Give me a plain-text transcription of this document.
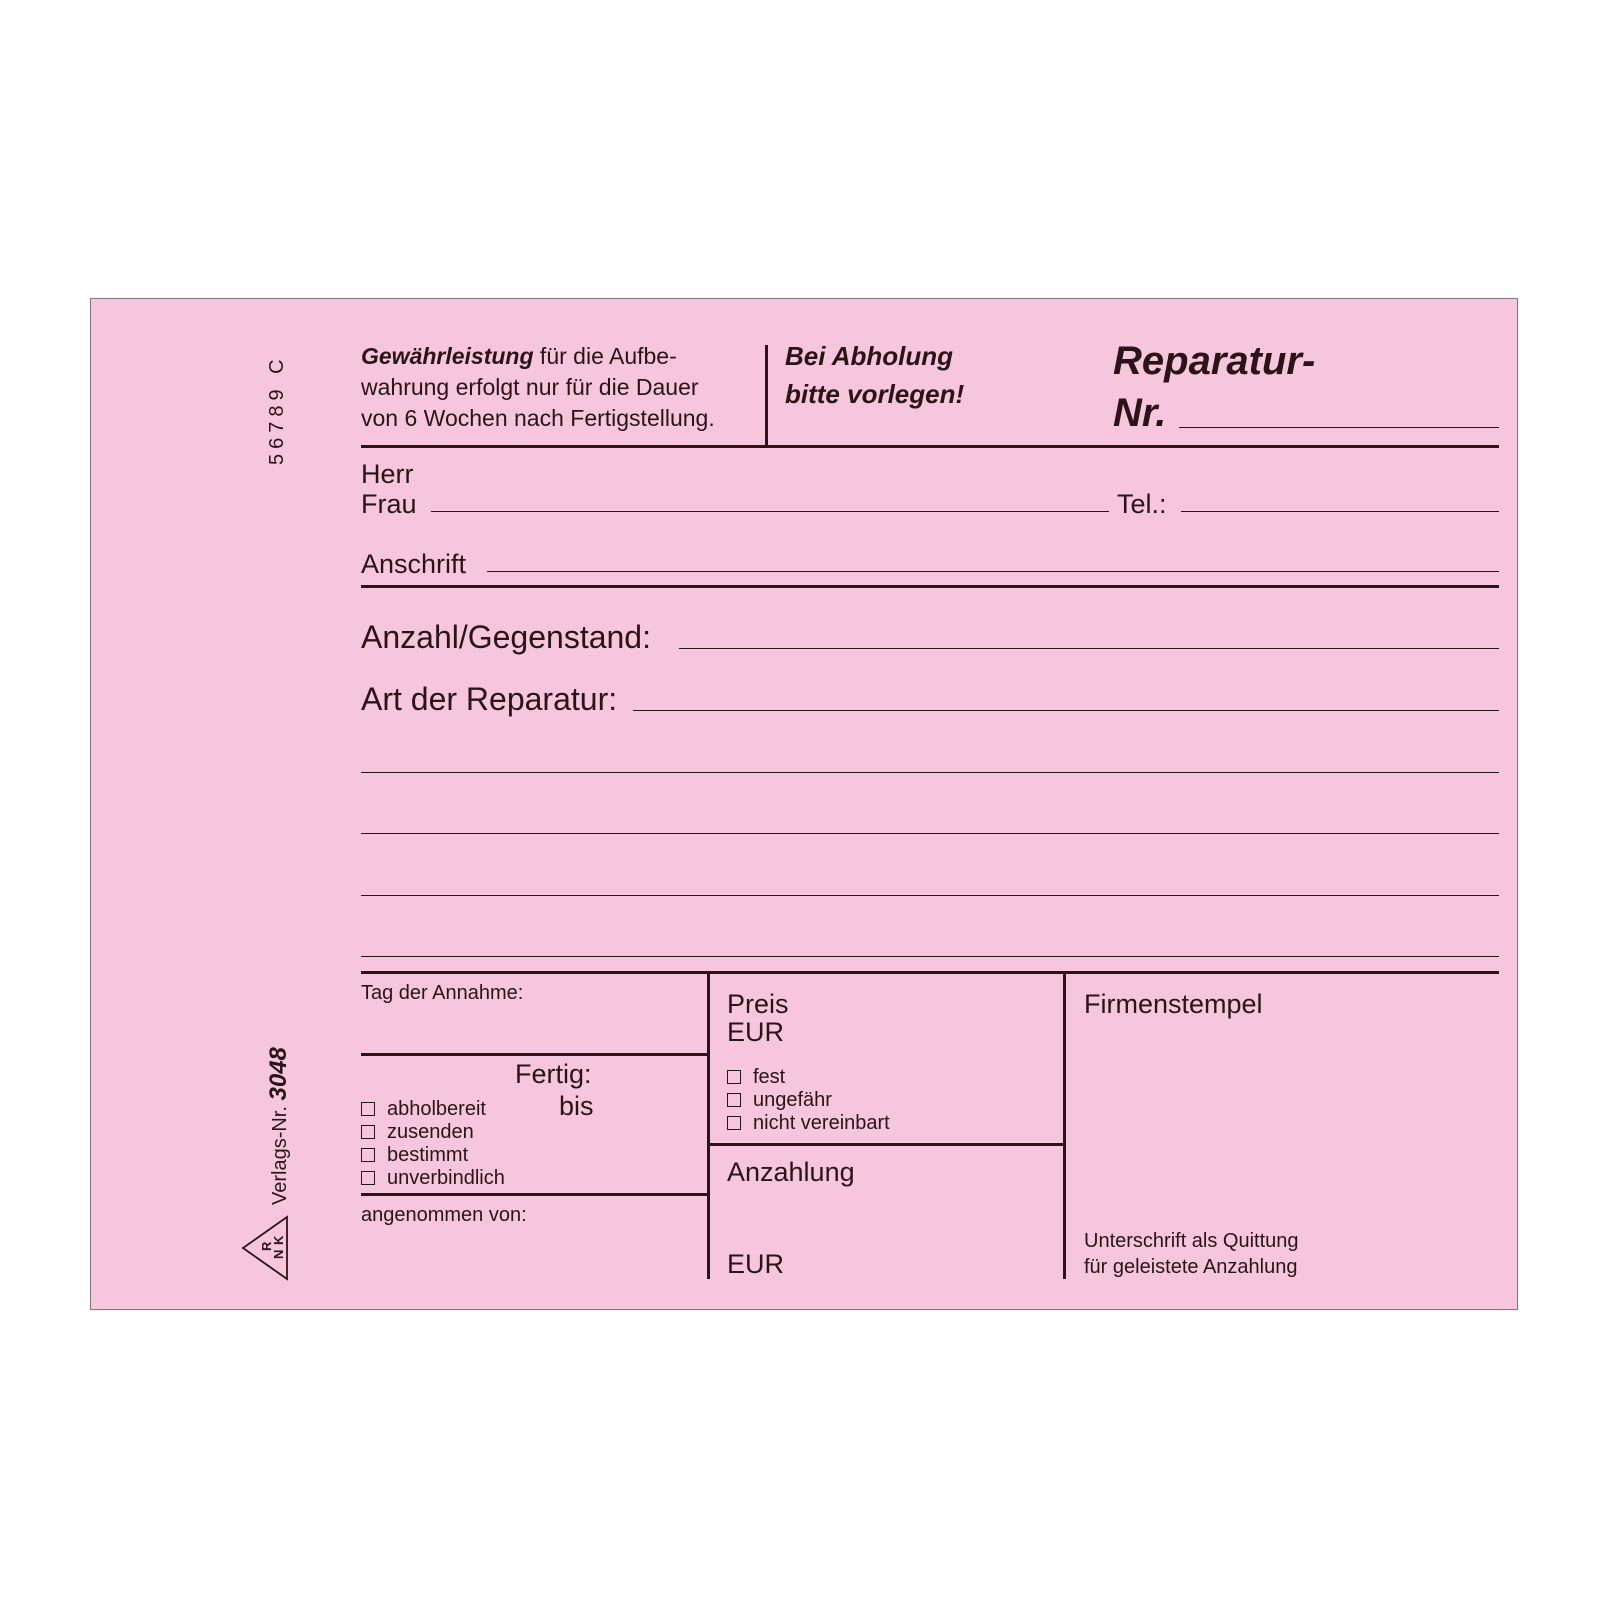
56789 C
Verlags-Nr. 3048
R
N
K
Gewährleistung für die Aufbe-
wahrung erfolgt nur für die Dauer
von 6 Wochen nach Fertigstellung.
Bei Abholung
bitte vorlegen!
Reparatur-
Nr.
Herr
Frau	Tel.:
Anschrift
Anzahl/Gegenstand:
Art der Reparatur:
Tag der Annahme:
Fertig:
bis
abholbereit
zusenden
bestimmt
unverbindlich
angenommen von:
Preis
EUR
fest
ungefähr
nicht vereinbart
Anzahlung
EUR
Firmenstempel
Unterschrift als Quittung
für geleistete Anzahlung
